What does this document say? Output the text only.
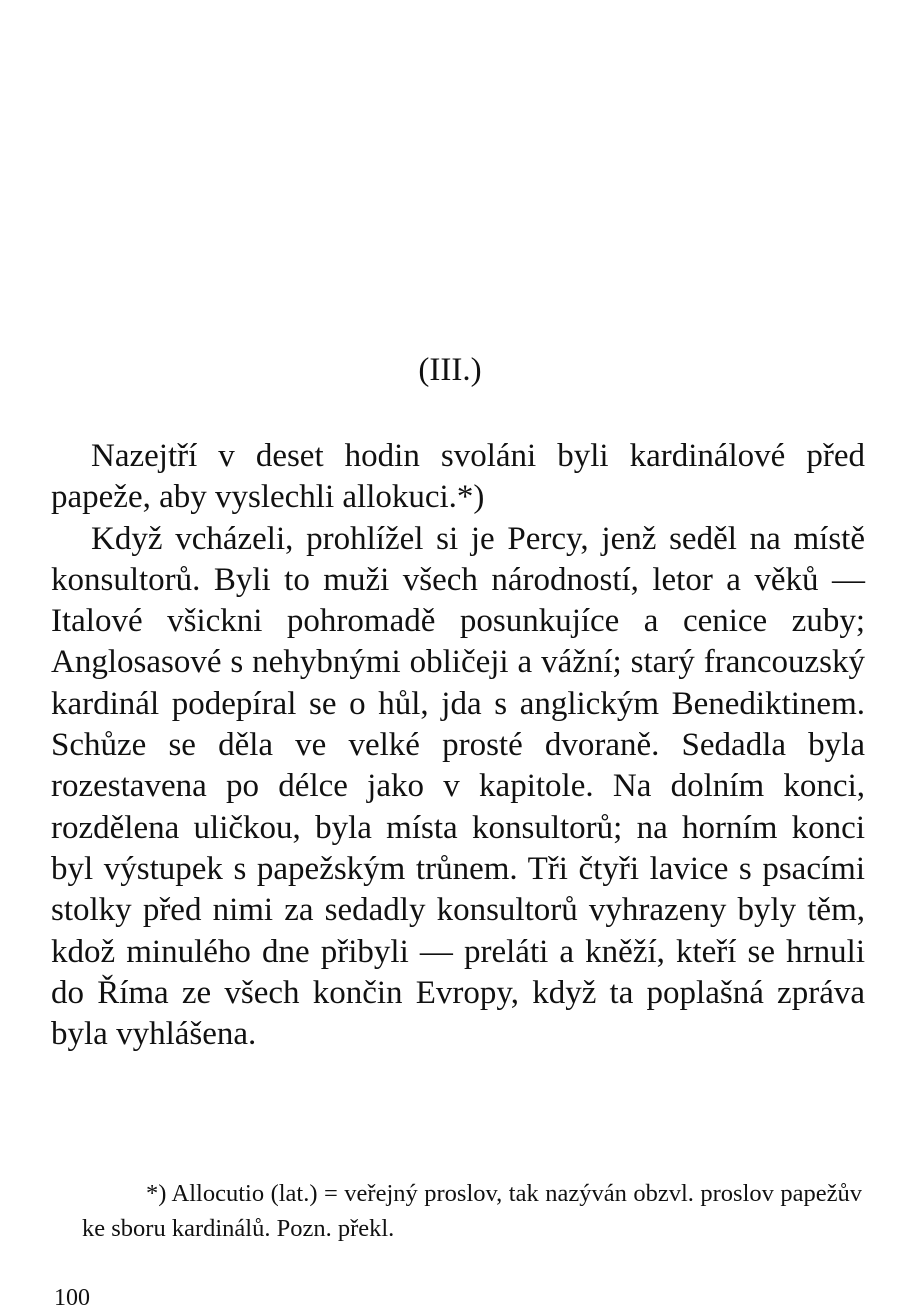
(III.)

Nazejtří v deset hodin svoláni byli kardinálové před papeže, aby vyslechli allokuci.*)

Když vcházeli, prohlížel si je Percy, jenž seděl na místě konsultorů. Byli to muži všech národností, letor a věků — Italové všickni pohromadě posunkujíce a cenice zuby; Anglosasové s nehybnými obličeji a vážní; starý francouzský kardinál podepíral se o hůl, jda s anglickým Benediktinem. Schůze se děla ve velké prosté dvoraně. Sedadla byla rozestavena po délce jako v kapitole. Na dolním konci, rozdělena uličkou, byla místa konsultorů; na horním konci byl výstupek s papežským trůnem. Tři čtyři lavice s psacími stolky před nimi za sedadly konsultorů vyhrazeny byly těm, kdož minulého dne přibyli — preláti a kněží, kteří se hrnuli do Říma ze všech končin Evropy, když ta poplašná zpráva byla vyhlášena.

*) Allocutio (lat.) = veřejný proslov, tak nazýván obzvl. proslov papežův ke sboru kardinálů. Pozn. překl.

100
